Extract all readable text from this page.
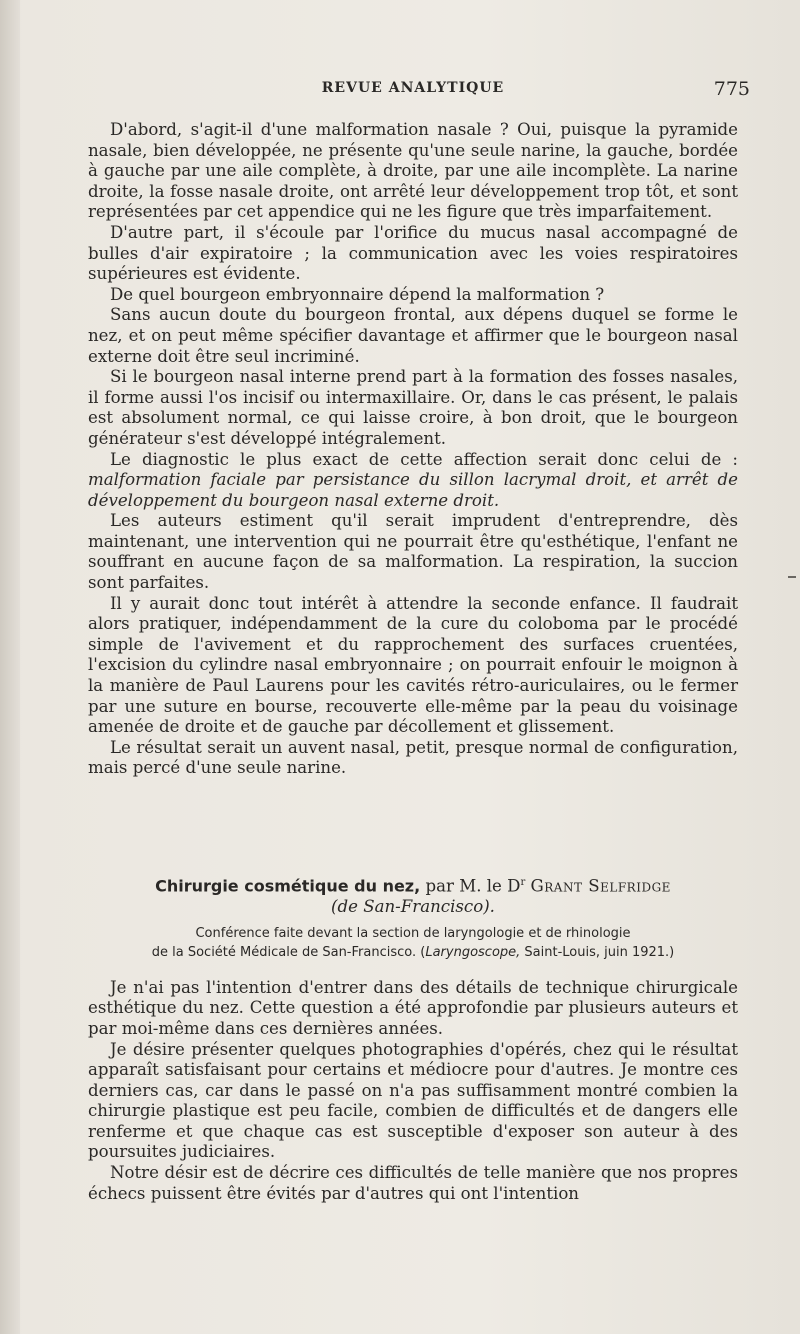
REVUE ANALYTIQUE	775

D'abord, s'agit-il d'une malformation nasale ? Oui, puisque la pyramide nasale, bien développée, ne présente qu'une seule narine, la gauche, bordée à gauche par une aile complète, à droite, par une aile incomplète. La narine droite, la fosse nasale droite, ont arrêté leur développement trop tôt, et sont représentées par cet appendice qui ne les figure que très imparfaitement.

D'autre part, il s'écoule par l'orifice du mucus nasal accompagné de bulles d'air expiratoire ; la communication avec les voies respiratoires supérieures est évidente.

De quel bourgeon embryonnaire dépend la malformation ?

Sans aucun doute du bourgeon frontal, aux dépens duquel se forme le nez, et on peut même spécifier davantage et affirmer que le bourgeon nasal externe doit être seul incriminé.

Si le bourgeon nasal interne prend part à la formation des fosses nasales, il forme aussi l'os incisif ou intermaxillaire. Or, dans le cas présent, le palais est absolument normal, ce qui laisse croire, à bon droit, que le bourgeon générateur s'est développé intégralement.

Le diagnostic le plus exact de cette affection serait donc celui de : malformation faciale par persistance du sillon lacrymal droit, et arrêt de développement du bourgeon nasal externe droit.

Les auteurs estiment qu'il serait imprudent d'entreprendre, dès maintenant, une intervention qui ne pourrait être qu'esthétique, l'enfant ne souffrant en aucune façon de sa malformation. La respiration, la succion sont parfaites.

Il y aurait donc tout intérêt à attendre la seconde enfance. Il faudrait alors pratiquer, indépendamment de la cure du coloboma par le procédé simple de l'avivement et du rapprochement des surfaces cruentées, l'excision du cylindre nasal embryonnaire ; on pourrait enfouir le moignon à la manière de Paul Laurens pour les cavités rétro-auriculaires, ou le fermer par une suture en bourse, recouverte elle-même par la peau du voisinage amenée de droite et de gauche par décollement et glissement.

Le résultat serait un auvent nasal, petit, presque normal de configuration, mais percé d'une seule narine.

Chirurgie cosmétique du nez, par M. le $D^r$ Grant Selfridge

(de San-Francisco).

Conférence faite devant la section de laryngologie et de rhinologie
de la Société Médicale de San-Francisco. (Laryngoscope, Saint-Louis, juin 1921.)

Je n'ai pas l'intention d'entrer dans des détails de technique chirurgicale esthétique du nez. Cette question a été approfondie par plusieurs auteurs et par moi-même dans ces dernières années.

Je désire présenter quelques photographies d'opérés, chez qui le résultat apparaît satisfaisant pour certains et médiocre pour d'autres. Je montre ces derniers cas, car dans le passé on n'a pas suffisamment montré combien la chirurgie plastique est peu facile, combien de difficultés et de dangers elle renferme et que chaque cas est susceptible d'exposer son auteur à des poursuites judiciaires.

Notre désir est de décrire ces difficultés de telle manière que nos propres échecs puissent être évités par d'autres qui ont l'intention
